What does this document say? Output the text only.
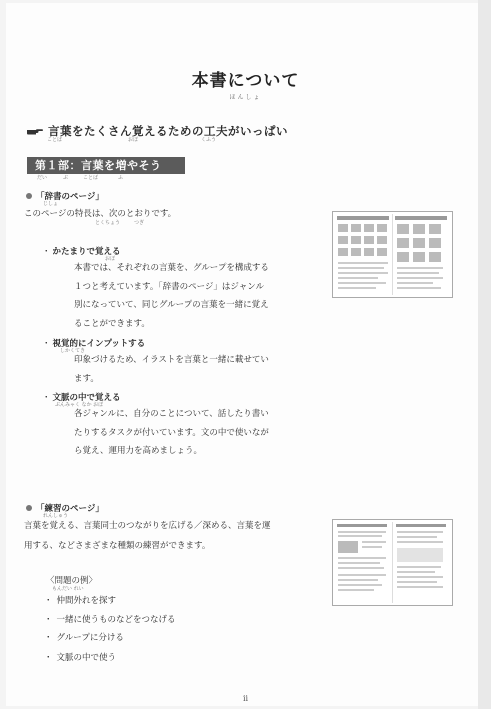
本書について
ほんしょ
言葉をたくさん覚えるための工夫がいっぱい
ことば	おぼ	くふう
第１部：言葉を増やそう
だい	ぶ	ことば	ふ
「辞書のページ」
じしょ
このページの特長は、次のとおりです。
とくちょう	つぎ
・ かたまりで覚える
おぼ
本書では、それぞれの言葉を、グループを構成する
１つと考えています。「辞書のページ」はジャンル
別になっていて、同じグループの言葉を一緒に覚え
ることができます。
・ 視覚的にインプットする
しかくてき
印象づけるため、イラストを言葉と一緒に載せてい
ます。
・ 文脈の中で覚える
ぶんみゃく なか おぼ
各ジャンルに、自分のことについて、話したり書い
たりするタスクが付いています。文の中で使いなが
ら覚え、運用力を高めましょう。
「練習のページ」
れんしゅう
言葉を覚える、言葉同士のつながりを広げる／深める、言葉を運
用する、などさまざまな種類の練習ができます。
〈問題の例〉
もんだい れい
・ 仲間外れを探す
・ 一緒に使うものなどをつなげる
・ グループに分ける
・ 文脈の中で使う
ii
